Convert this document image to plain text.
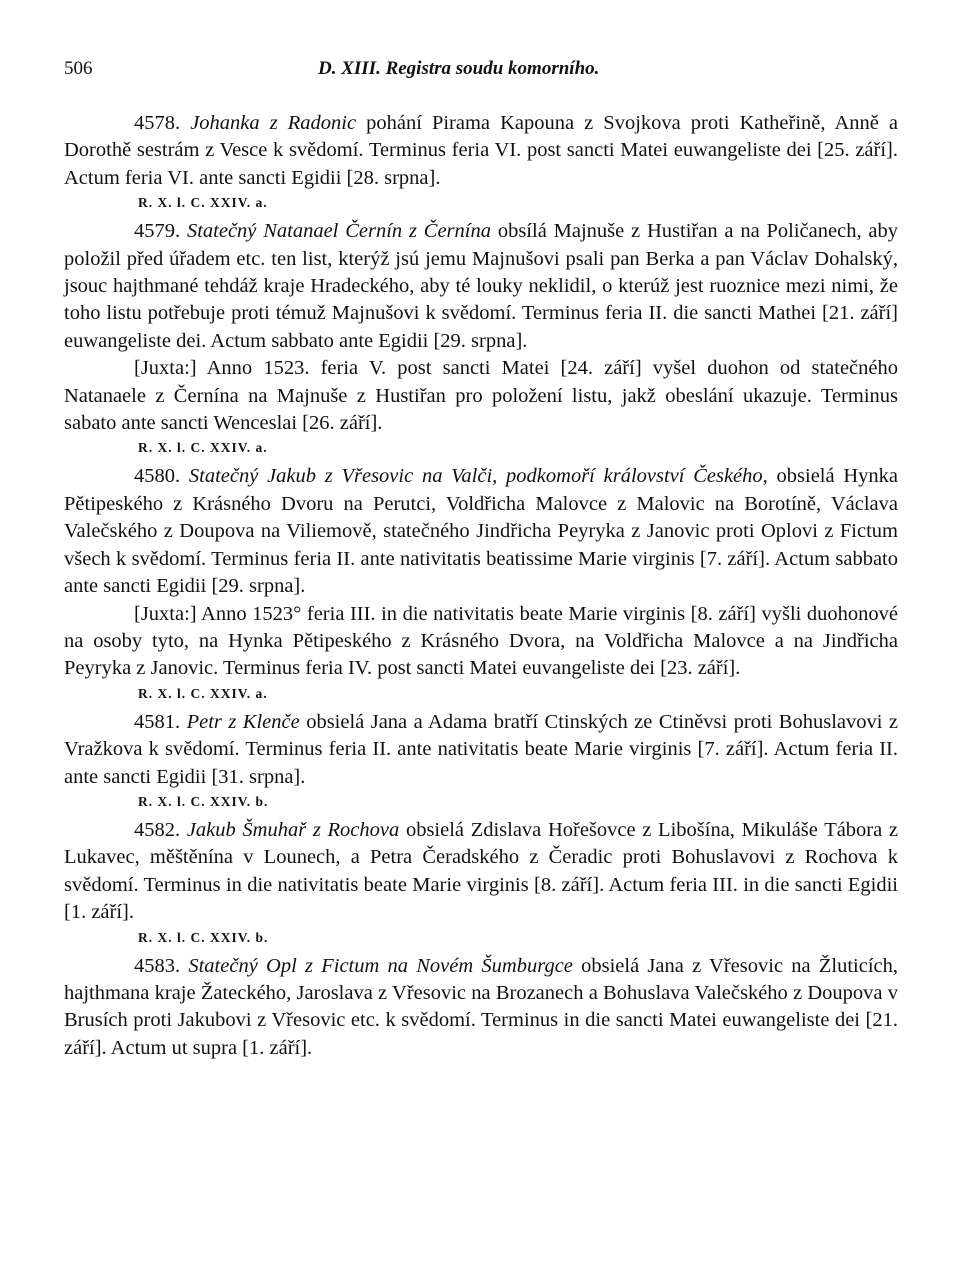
506	D. XIII. Registra soudu komorního.

4578. Johanka z Radonic pohání Pirama Kapouna z Svojkova proti Katheřině, Anně a Dorothě sestrám z Vesce k svědomí. Terminus feria VI. post sancti Matei euwangeliste dei [25. září]. Actum feria VI. ante sancti Egidii [28. srpna].

R. X. l. C. XXIV. a.

4579. Statečný Natanael Černín z Černína obsílá Majnuše z Hustiřan a na Poličanech, aby položil před úřadem etc. ten list, kterýž jsú jemu Majnušovi psali pan Berka a pan Václav Dohalský, jsouc hajthmané tehdáž kraje Hradeckého, aby té louky neklidil, o kterúž jest ruoznice mezi nimi, že toho listu potřebuje proti témuž Majnušovi k svědomí. Terminus feria II. die sancti Mathei [21. září] euwangeliste dei. Actum sabbato ante Egidii [29. srpna].

[Juxta:] Anno 1523. feria V. post sancti Matei [24. září] vyšel duohon od statečného Natanaele z Černína na Majnuše z Hustiřan pro položení listu, jakž obeslání ukazuje. Terminus sabato ante sancti Wenceslai [26. září].

R. X. l. C. XXIV. a.

4580. Statečný Jakub z Vřesovic na Valči, podkomoří království Českého, obsielá Hynka Pětipeského z Krásného Dvoru na Perutci, Voldřicha Malovce z Malovic na Borotíně, Václava Valečského z Doupova na Viliemově, statečného Jindřicha Peyryka z Janovic proti Oplovi z Fictum všech k svědomí. Terminus feria II. ante nativitatis beatissime Marie virginis [7. září]. Actum sabbato ante sancti Egidii [29. srpna].

[Juxta:] Anno 1523° feria III. in die nativitatis beate Marie virginis [8. září] vyšli duohonové na osoby tyto, na Hynka Pětipeského z Krásného Dvora, na Voldřicha Malovce a na Jindřicha Peyryka z Janovic. Terminus feria IV. post sancti Matei euvangeliste dei [23. září].

R. X. l. C. XXIV. a.

4581. Petr z Klenče obsielá Jana a Adama bratří Ctinských ze Ctiněvsi proti Bohuslavovi z Vražkova k svědomí. Terminus feria II. ante nativitatis beate Marie virginis [7. září]. Actum feria II. ante sancti Egidii [31. srpna].

R. X. l. C. XXIV. b.

4582. Jakub Šmuhař z Rochova obsielá Zdislava Hořešovce z Libošína, Mikuláše Tábora z Lukavec, měštěnína v Lounech, a Petra Čeradského z Čeradic proti Bohuslavovi z Rochova k svědomí. Terminus in die nativitatis beate Marie virginis [8. září]. Actum feria III. in die sancti Egidii [1. září].

R. X. l. C. XXIV. b.

4583. Statečný Opl z Fictum na Novém Šumburgce obsielá Jana z Vřesovic na Žluticích, hajthmana kraje Žateckého, Jaroslava z Vřesovic na Brozanech a Bohuslava Valečského z Doupova v Brusích proti Jakubovi z Vřesovic etc. k svědomí. Terminus in die sancti Matei euwangeliste dei [21. září]. Actum ut supra [1. září].
